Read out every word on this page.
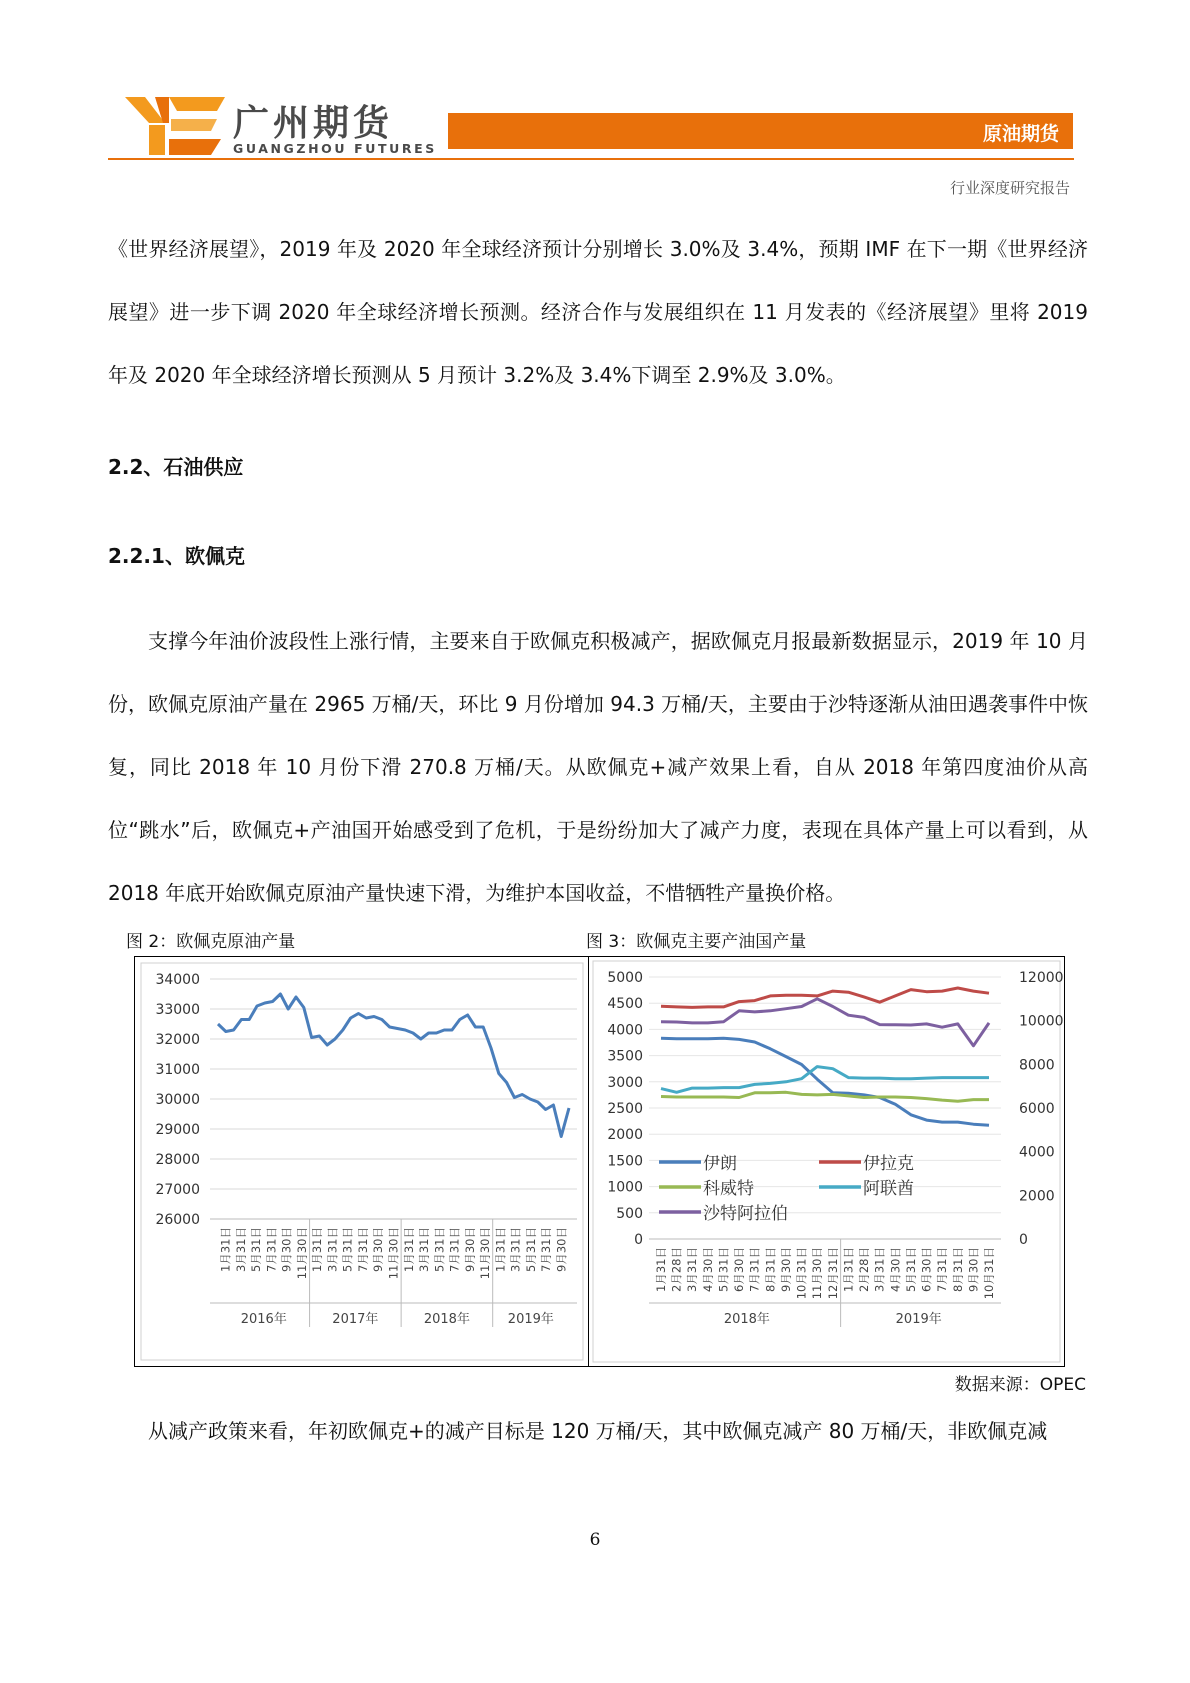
广州期货
GUANGZHOU FUTURES
原油期货
行业深度研究报告

《世界经济展望》，2019 年及 2020 年全球经济预计分别增长 3.0%及 3.4%，预期 IMF 在下一期《世界经济展望》进一步下调 2020 年全球经济增长预测。经济合作与发展组织在 11 月发表的《经济展望》里将 2019 年及 2020 年全球经济增长预测从 5 月预计 3.2%及 3.4%下调至 2.9%及 3.0%。

2.2、石油供应
2.2.1、欧佩克

支撑今年油价波段性上涨行情，主要来自于欧佩克积极减产，据欧佩克月报最新数据显示，2019 年 10 月份，欧佩克原油产量在 2965 万桶/天，环比 9 月份增加 94.3 万桶/天，主要由于沙特逐渐从油田遇袭事件中恢复，同比 2018 年 10 月份下滑 270.8 万桶/天。从欧佩克+减产效果上看，自从 2018 年第四度油价从高位“跳水”后，欧佩克+产油国开始感受到了危机，于是纷纷加大了减产力度，表现在具体产量上可以看到，从 2018 年底开始欧佩克原油产量快速下滑，为维护本国收益，不惜牺牲产量换价格。

图 2：欧佩克原油产量	图 3：欧佩克主要产油国产量
34000
33000
32000
31000
30000
29000
28000
27000
26000
1月31日 3月31日 5月31日 7月31日 9月30日 11月30日 1月31日 3月31日 5月31日 7月31日 9月30日 11月30日 1月31日 3月31日 5月31日 7月31日 9月30日 11月30日 1月31日 3月31日 5月31日 7月31日 9月30日
2016年	2017年	2018年	2019年
5000
4500
4000
3500
3000
2500
2000
1500
1000
500
0
12000
10000
8000
6000
4000
2000
0
伊朗	伊拉克
科威特	阿联酋
沙特阿拉伯
1月31日 2月28日 3月31日 4月30日 5月31日 6月30日 7月31日 8月31日 9月30日 10月31日 11月30日 12月31日 1月31日 2月28日 3月31日 4月30日 5月31日 6月30日 7月31日 8月31日 9月30日 10月31日
2018年	2019年
数据来源：OPEC

从减产政策来看，年初欧佩克+的减产目标是 120 万桶/天，其中欧佩克减产 80 万桶/天，非欧佩克减

6
